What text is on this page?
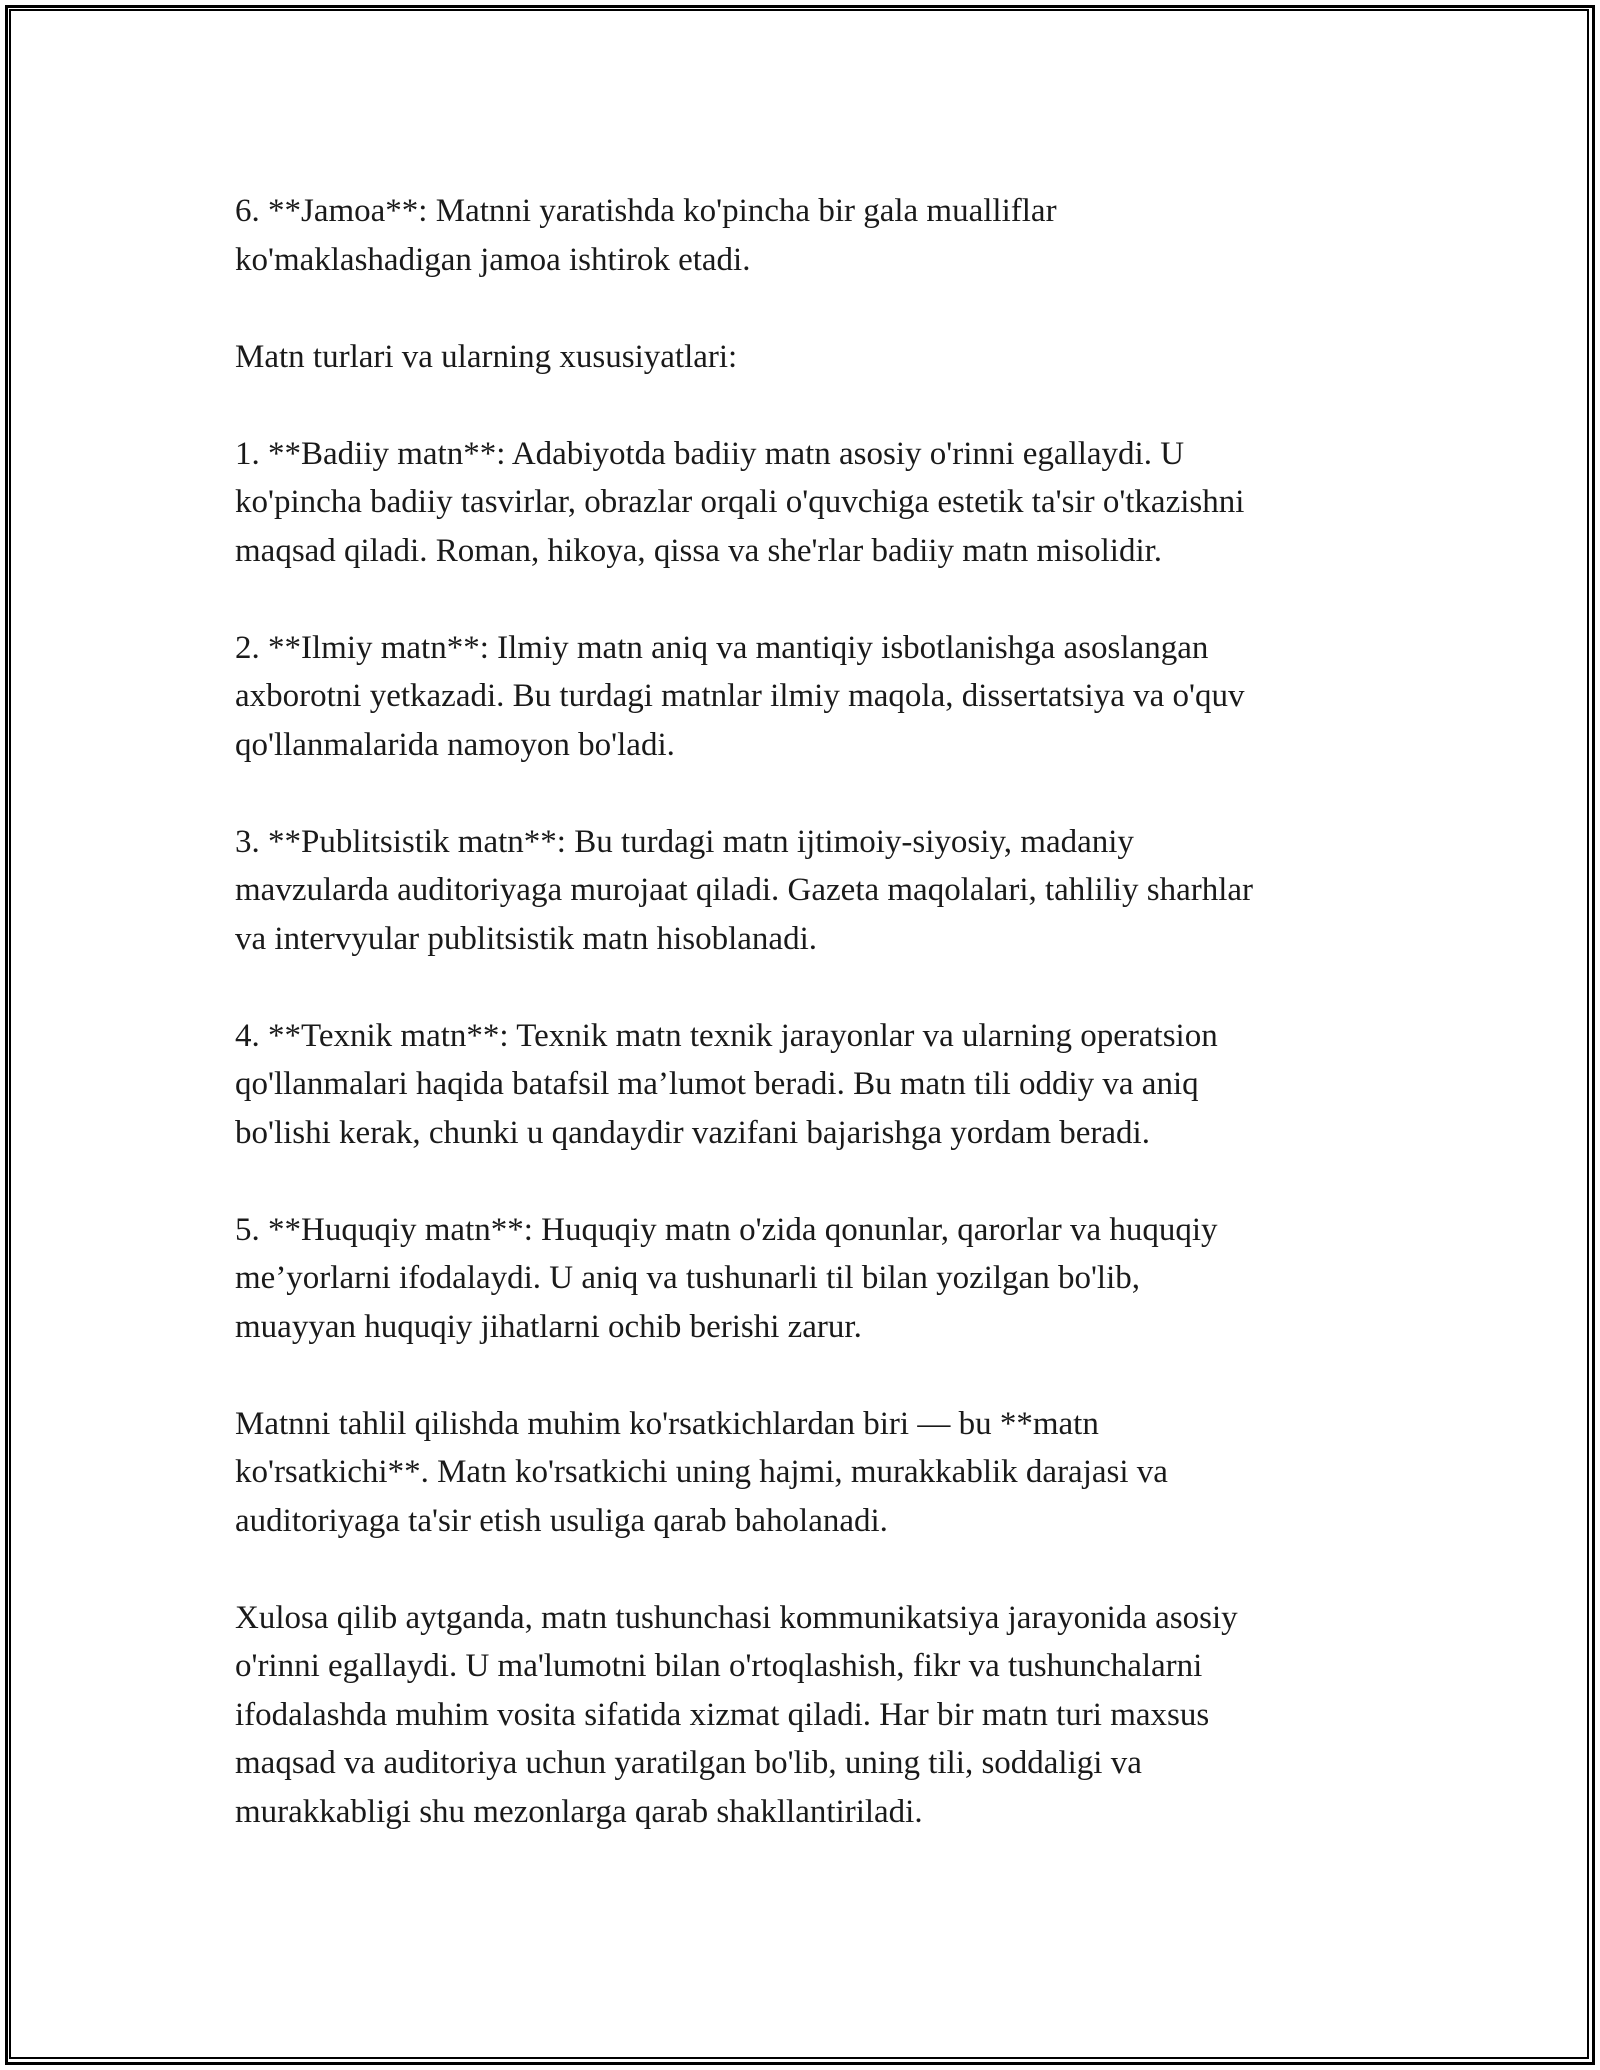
6. **Jamoa**: Matnni yaratishda ko'pincha bir gala mualliflar
ko'maklashadigan jamoa ishtirok etadi.

Matn turlari va ularning xususiyatlari:

1. **Badiiy matn**: Adabiyotda badiiy matn asosiy o'rinni egallaydi. U
ko'pincha badiiy tasvirlar, obrazlar orqali o'quvchiga estetik ta'sir o'tkazishni
maqsad qiladi. Roman, hikoya, qissa va she'rlar badiiy matn misolidir.

2. **Ilmiy matn**: Ilmiy matn aniq va mantiqiy isbotlanishga asoslangan
axborotni yetkazadi. Bu turdagi matnlar ilmiy maqola, dissertatsiya va o'quv
qo'llanmalarida namoyon bo'ladi.

3. **Publitsistik matn**: Bu turdagi matn ijtimoiy-siyosiy, madaniy
mavzularda auditoriyaga murojaat qiladi. Gazeta maqolalari, tahliliy sharhlar
va intervyular publitsistik matn hisoblanadi.

4. **Texnik matn**: Texnik matn texnik jarayonlar va ularning operatsion
qo'llanmalari haqida batafsil ma’lumot beradi. Bu matn tili oddiy va aniq
bo'lishi kerak, chunki u qandaydir vazifani bajarishga yordam beradi.

5. **Huquqiy matn**: Huquqiy matn o'zida qonunlar, qarorlar va huquqiy
me’yorlarni ifodalaydi. U aniq va tushunarli til bilan yozilgan bo'lib,
muayyan huquqiy jihatlarni ochib berishi zarur.

Matnni tahlil qilishda muhim ko'rsatkichlardan biri — bu **matn
ko'rsatkichi**. Matn ko'rsatkichi uning hajmi, murakkablik darajasi va
auditoriyaga ta'sir etish usuliga qarab baholanadi.

Xulosa qilib aytganda, matn tushunchasi kommunikatsiya jarayonida asosiy
o'rinni egallaydi. U ma'lumotni bilan o'rtoqlashish, fikr va tushunchalarni
ifodalashda muhim vosita sifatida xizmat qiladi. Har bir matn turi maxsus
maqsad va auditoriya uchun yaratilgan bo'lib, uning tili, soddaligi va
murakkabligi shu mezonlarga qarab shakllantiriladi.
